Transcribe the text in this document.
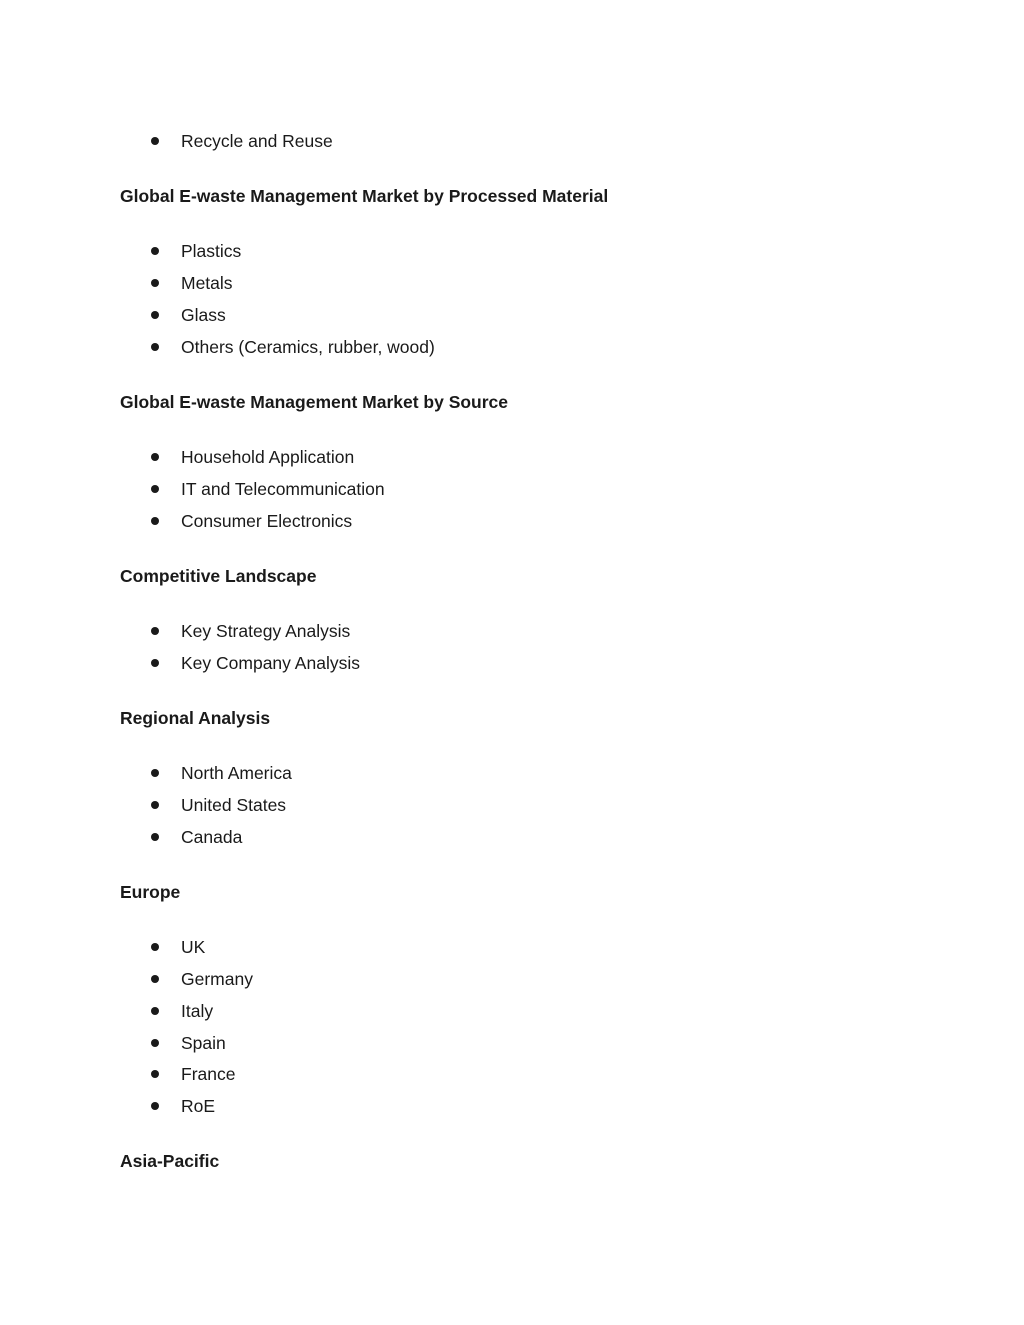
Recycle and Reuse
Global E-waste Management Market by Processed Material
Plastics
Metals
Glass
Others (Ceramics, rubber, wood)
Global E-waste Management Market by Source
Household Application
IT and Telecommunication
Consumer Electronics
Competitive Landscape
Key Strategy Analysis
Key Company Analysis
Regional Analysis
North America
United States
Canada
Europe
UK
Germany
Italy
Spain
France
RoE
Asia-Pacific
